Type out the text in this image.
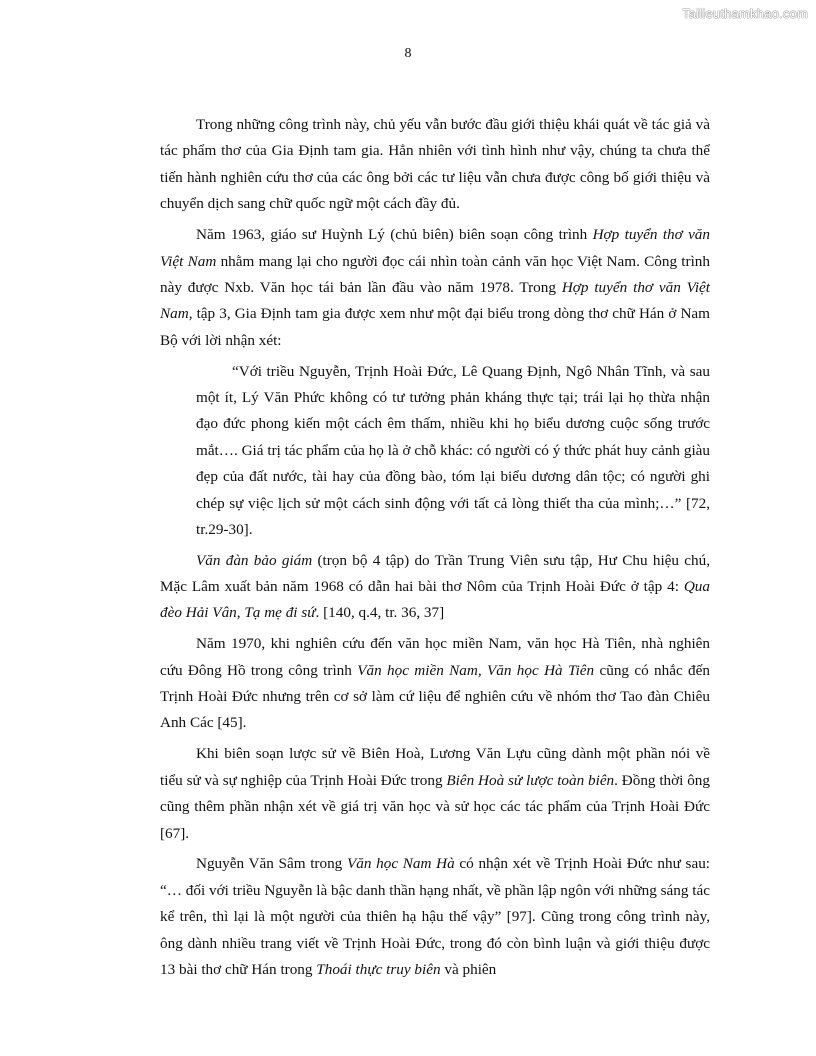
Tailieuthamkhao.com
8

Trong những công trình này, chủ yếu vẫn bước đầu giới thiệu khái quát về tác giả và tác phẩm thơ của Gia Định tam gia. Hẳn nhiên với tình hình như vậy, chúng ta chưa thể tiến hành nghiên cứu thơ của các ông bởi các tư liệu vẫn chưa được công bố giới thiệu và chuyển dịch sang chữ quốc ngữ một cách đầy đủ.

Năm 1963, giáo sư Huỳnh Lý (chủ biên) biên soạn công trình Hợp tuyển thơ văn Việt Nam nhằm mang lại cho người đọc cái nhìn toàn cảnh văn học Việt Nam. Công trình này được Nxb. Văn học tái bản lần đầu vào năm 1978. Trong Hợp tuyển thơ văn Việt Nam, tập 3, Gia Định tam gia được xem như một đại biểu trong dòng thơ chữ Hán ở Nam Bộ với lời nhận xét:

“Với triều Nguyễn, Trịnh Hoài Đức, Lê Quang Định, Ngô Nhân Tĩnh, và sau một ít, Lý Văn Phức không có tư tưởng phản kháng thực tại; trái lại họ thừa nhận đạo đức phong kiến một cách êm thấm, nhiều khi họ biểu dương cuộc sống trước mắt…. Giá trị tác phẩm của họ là ở chỗ khác: có người có ý thức phát huy cảnh giàu đẹp của đất nước, tài hay của đồng bào, tóm lại biểu dương dân tộc; có người ghi chép sự việc lịch sử một cách sinh động với tất cả lòng thiết tha của mình;…” [72, tr.29-30].

Văn đàn bảo giám (trọn bộ 4 tập) do Trần Trung Viên sưu tập, Hư Chu hiệu chú, Mặc Lâm xuất bản năm 1968 có dẫn hai bài thơ Nôm của Trịnh Hoài Đức ở tập 4: Qua đèo Hải Vân, Tạ mẹ đi sứ. [140, q.4, tr. 36, 37]

Năm 1970, khi nghiên cứu đến văn học miền Nam, văn học Hà Tiên, nhà nghiên cứu Đông Hồ trong công trình Văn học miền Nam, Văn học Hà Tiên cũng có nhắc đến Trịnh Hoài Đức nhưng trên cơ sở làm cứ liệu để nghiên cứu về nhóm thơ Tao đàn Chiêu Anh Các [45].

Khi biên soạn lược sử về Biên Hoà, Lương Văn Lựu cũng dành một phần nói về tiểu sử và sự nghiệp của Trịnh Hoài Đức trong Biên Hoà sử lược toàn biên. Đồng thời ông cũng thêm phần nhận xét về giá trị văn học và sử học các tác phẩm của Trịnh Hoài Đức [67].

Nguyễn Văn Sâm trong Văn học Nam Hà có nhận xét về Trịnh Hoài Đức như sau: “… đối với triều Nguyễn là bậc danh thần hạng nhất, về phần lập ngôn với những sáng tác kể trên, thì lại là một người của thiên hạ hậu thế vậy” [97]. Cũng trong công trình này, ông dành nhiều trang viết về Trịnh Hoài Đức, trong đó còn bình luận và giới thiệu được 13 bài thơ chữ Hán trong Thoái thực truy biên và phiên
